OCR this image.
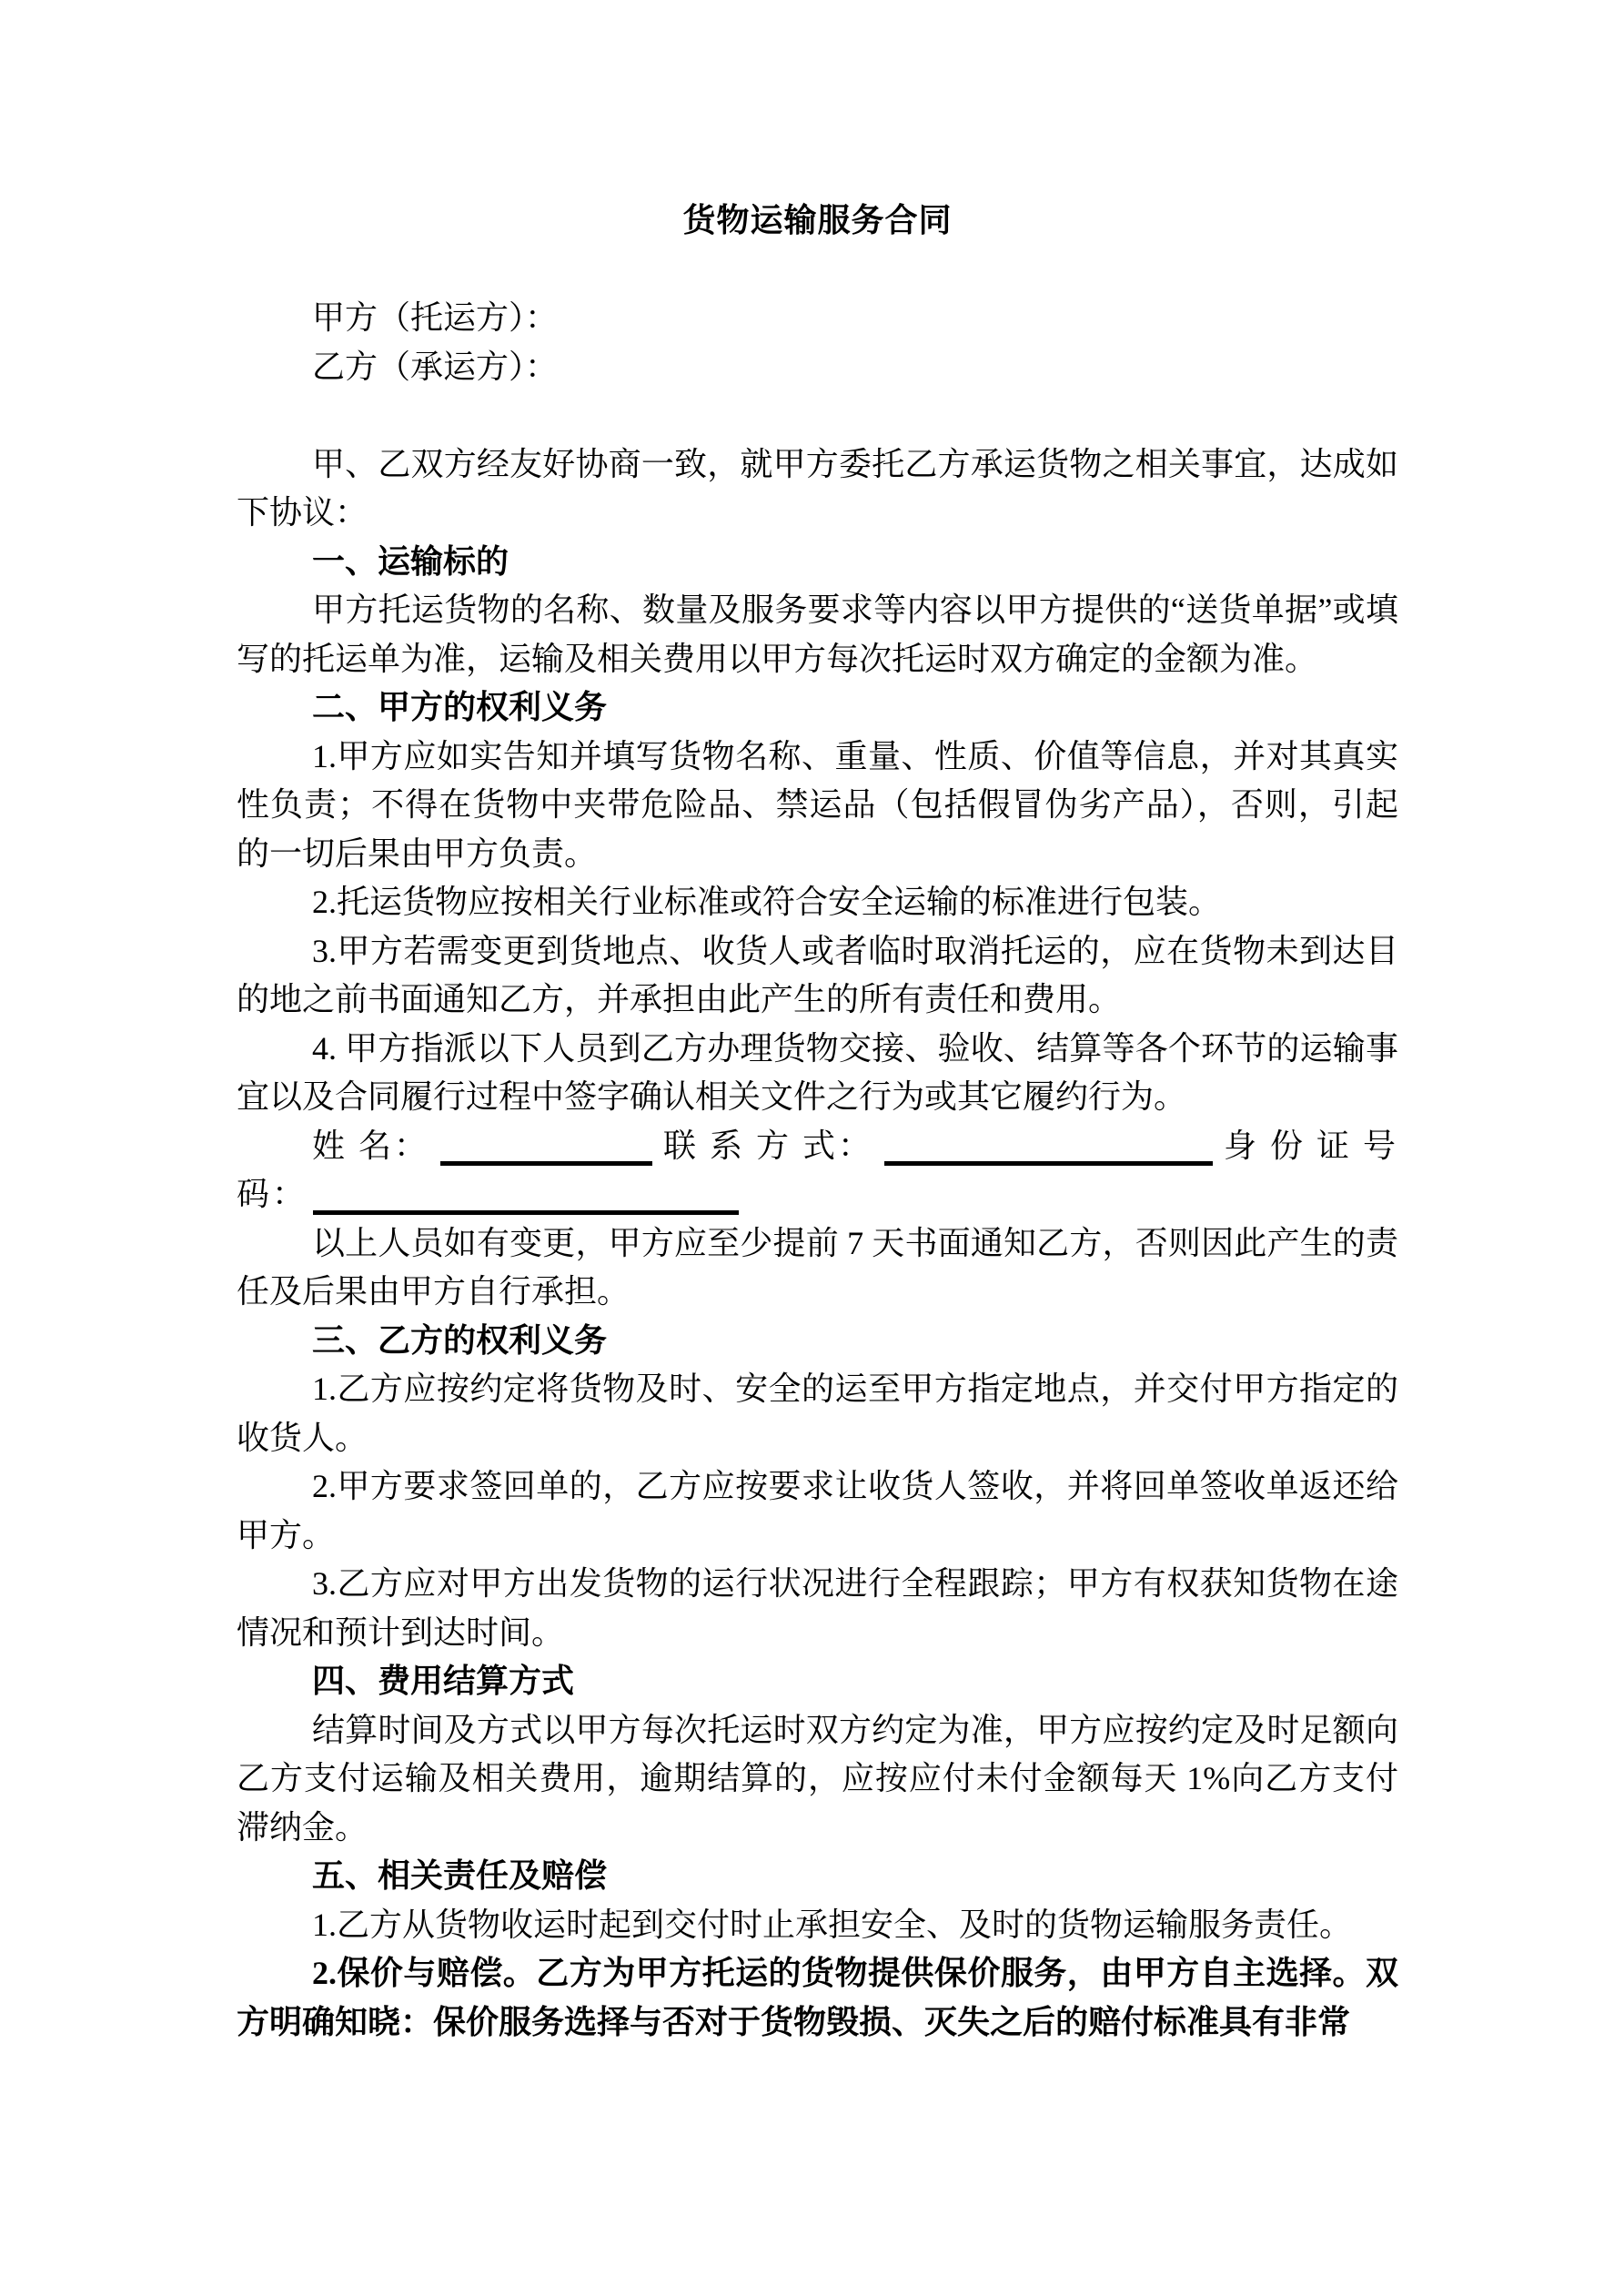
货物运输服务合同
甲方（托运方）：
乙方（承运方）：

甲、乙双方经友好协商一致，就甲方委托乙方承运货物之相关事宜，达成如下协议：

一、运输标的

甲方托运货物的名称、数量及服务要求等内容以甲方提供的“送货单据”或填写的托运单为准，运输及相关费用以甲方每次托运时双方确定的金额为准。

二、甲方的权利义务

1.甲方应如实告知并填写货物名称、重量、性质、价值等信息，并对其真实性负责；不得在货物中夹带危险品、禁运品（包括假冒伪劣产品），否则，引起的一切后果由甲方负责。

2.托运货物应按相关行业标准或符合安全运输的标准进行包装。

3.甲方若需变更到货地点、收货人或者临时取消托运的，应在货物未到达目的地之前书面通知乙方，并承担由此产生的所有责任和费用。

4. 甲方指派以下人员到乙方办理货物交接、验收、结算等各个环节的运输事宜以及合同履行过程中签字确认相关文件之行为或其它履约行为。

姓 名：	联 系 方 式：	身 份 证 号
码：

以上人员如有变更，甲方应至少提前 7 天书面通知乙方，否则因此产生的责任及后果由甲方自行承担。

三、乙方的权利义务

1.乙方应按约定将货物及时、安全的运至甲方指定地点，并交付甲方指定的收货人。

2.甲方要求签回单的，乙方应按要求让收货人签收，并将回单签收单返还给甲方。

3.乙方应对甲方出发货物的运行状况进行全程跟踪；甲方有权获知货物在途情况和预计到达时间。

四、费用结算方式

结算时间及方式以甲方每次托运时双方约定为准，甲方应按约定及时足额向乙方支付运输及相关费用，逾期结算的，应按应付未付金额每天 1%向乙方支付滞纳金。

五、相关责任及赔偿

1.乙方从货物收运时起到交付时止承担安全、及时的货物运输服务责任。

2.保价与赔偿。乙方为甲方托运的货物提供保价服务，由甲方自主选择。双方明确知晓：保价服务选择与否对于货物毁损、灭失之后的赔付标准具有非常
